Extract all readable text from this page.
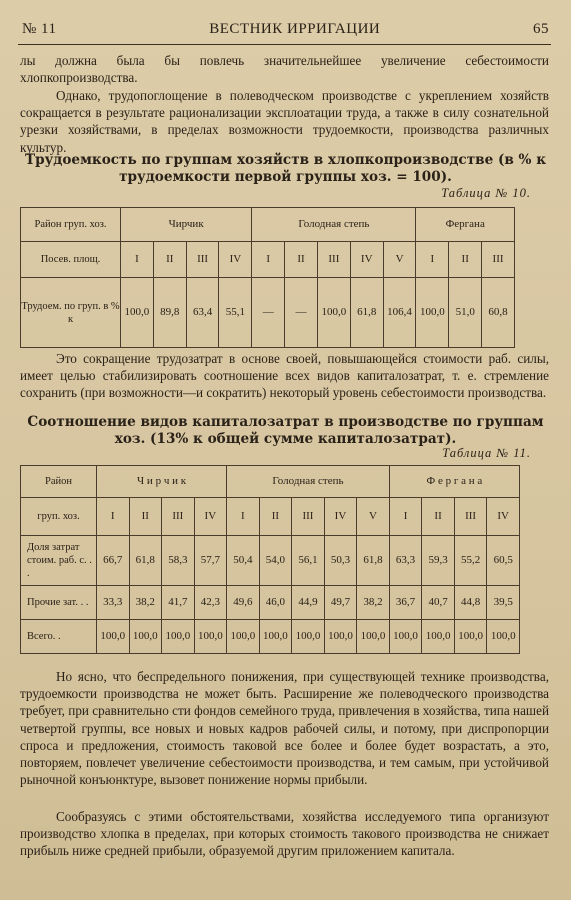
№ 11	ВЕСТНИК ИРРИГАЦИИ	65

лы должна была бы повлечь значительнейшее увеличение себестоимости хлопкопроизводства.

Однако, трудопоглощение в полеводческом производстве с укреплением хозяйств сокращается в результате рационализации эксплоатации труда, а также в силу сознательной урезки хозяйствами, в пределах возможности трудоемкости, производства различных культур.

Трудоемкость по группам хозяйств в хлопкопроизводстве (в % к трудоемкости первой группы хоз. = 100).

Таблица № 10.
Район груп. хоз.	Чирчик				Голодная степь					Фергана		
Посев. площ.	I	II	III	IV	I	II	III	IV	V	I	II	III
Трудоем. по груп. в % к	100,0	89,8	63,4	55,1	—	—	100,0	61,8	106,4	100,0	51,0	60,8

Это сокращение трудозатрат в основе своей, повышающейся стоимости раб. силы, имеет целью стабилизировать соотношение всех видов капиталозатрат, т. е. стремление сохранить (при возможности—и сократить) некоторый уровень себестоимости производства.

Соотношение видов капиталозатрат в производстве по группам хоз. (13% к общей сумме капиталозатрат).

Таблица № 11.
Район	Ч и р ч и к				Голодная степь					Ф е р г а н а			
груп. хоз.	I	II	III	IV	I	II	III	IV	V	I	II	III	IV
Доля затрат стоим. раб. с. . .	66,7	61,8	58,3	57,7	50,4	54,0	56,1	50,3	61,8	63,3	59,3	55,2	60,5
Прочие зат. . .	33,3	38,2	41,7	42,3	49,6	46,0	44,9	49,7	38,2	36,7	40,7	44,8	39,5
Всего. .	100,0	100,0	100,0	100,0	100,0	100,0	100,0	100,0	100,0	100,0	100,0	100,0	100,0

Но ясно, что беспредельного понижения, при существующей технике производства, трудоемкости производства не может быть. Расширение же полеводческого производства требует, при сравнительно сти фондов семейного труда, привлечения в хозяйства, типа нашей четвертой группы, все новых и новых кадров рабочей силы, и потому, при диспропорции спроса и предложения, стоимость таковой все более и более будет возрастать, а это, повторяем, повлечет увеличение себестоимости производства, и тем самым, при устойчивой рыночной конъюнктуре, вызовет понижение нормы прибыли.

Сообразуясь с этими обстоятельствами, хозяйства исследуемого типа организуют производство хлопка в пределах, при которых стоимость такового производства не снижает прибыль ниже средней прибыли, образуемой другим приложением капитала.
